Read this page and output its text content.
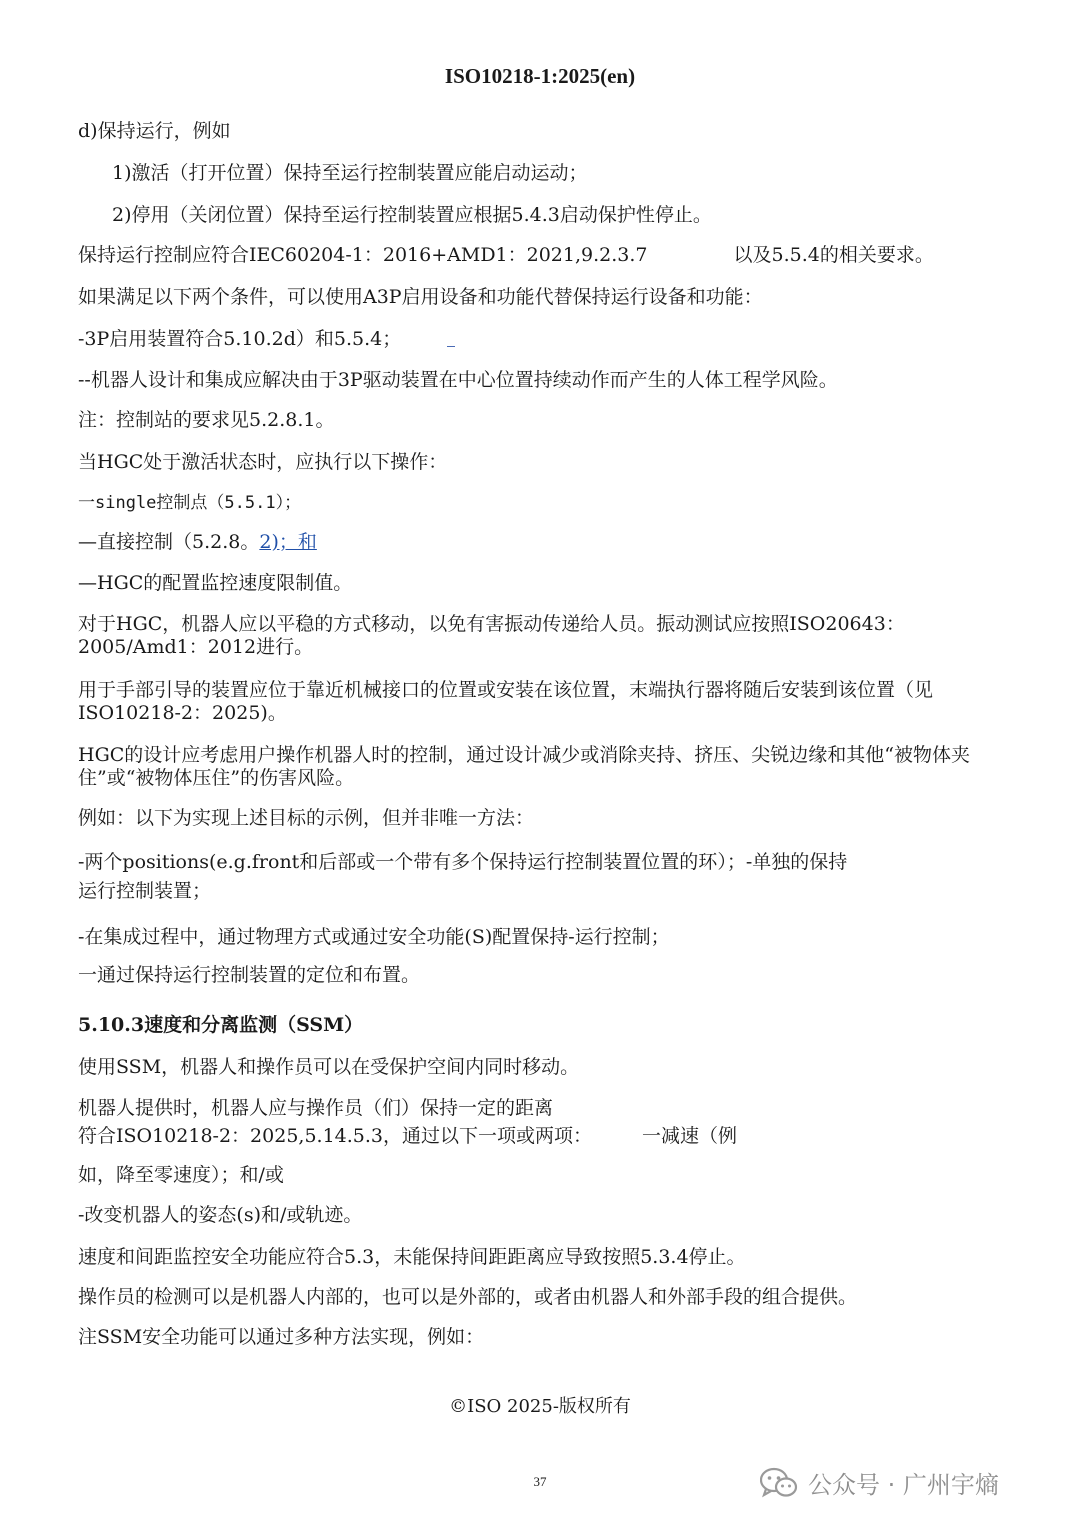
ISO10218-1:2025(en)
d)保持运行，例如
1)激活（打开位置）保持至运行控制装置应能启动运动；
2)停用（关闭位置）保持至运行控制装置应根据5.4.3启动保护性停止。
保持运行控制应符合IEC60204-1：2016+AMD1：2021,9.2.3.7	以及5.5.4的相关要求。
如果满足以下两个条件，可以使用A3P启用设备和功能代替保持运行设备和功能：
-3P启用装置符合5.10.2d）和5.5.4；
--机器人设计和集成应解决由于3P驱动装置在中心位置持续动作而产生的人体工程学风险。
注：控制站的要求见5.2.8.1。
当HGC处于激活状态时，应执行以下操作：
一single控制点（5.5.1）；
—直接控制（5.2.8。2)；和
—HGC的配置监控速度限制值。
对于HGC，机器人应以平稳的方式移动，以免有害振动传递给人员。振动测试应按照ISO20643：2005/Amd1：2012进行。
用于手部引导的装置应位于靠近机械接口的位置或安装在该位置，末端执行器将随后安装到该位置（见ISO10218-2：2025)。
HGC的设计应考虑用户操作机器人时的控制，通过设计减少或消除夹持、挤压、尖锐边缘和其他“被物体夹住”或“被物体压住”的伤害风险。
例如：以下为实现上述目标的示例，但并非唯一方法：
-两个positions(e.g.front和后部或一个带有多个保持运行控制装置位置的环）；-单独的保持
运行控制装置；
-在集成过程中，通过物理方式或通过安全功能(S)配置保持-运行控制；
一通过保持运行控制装置的定位和布置。
5.10.3速度和分离监测（SSM）
使用SSM，机器人和操作员可以在受保护空间内同时移动。
机器人提供时，机器人应与操作员（们）保持一定的距离
符合ISO10218-2：2025,5.14.5.3，通过以下一项或两项：	一减速（例
如，降至零速度）；和/或
-改变机器人的姿态(s)和/或轨迹。
速度和间距监控安全功能应符合5.3，未能保持间距距离应导致按照5.3.4停止。
操作员的检测可以是机器人内部的，也可以是外部的，或者由机器人和外部手段的组合提供。
注SSM安全功能可以通过多种方法实现，例如：
©ISO 2025-版权所有
37	公众号 · 广州宇熵
